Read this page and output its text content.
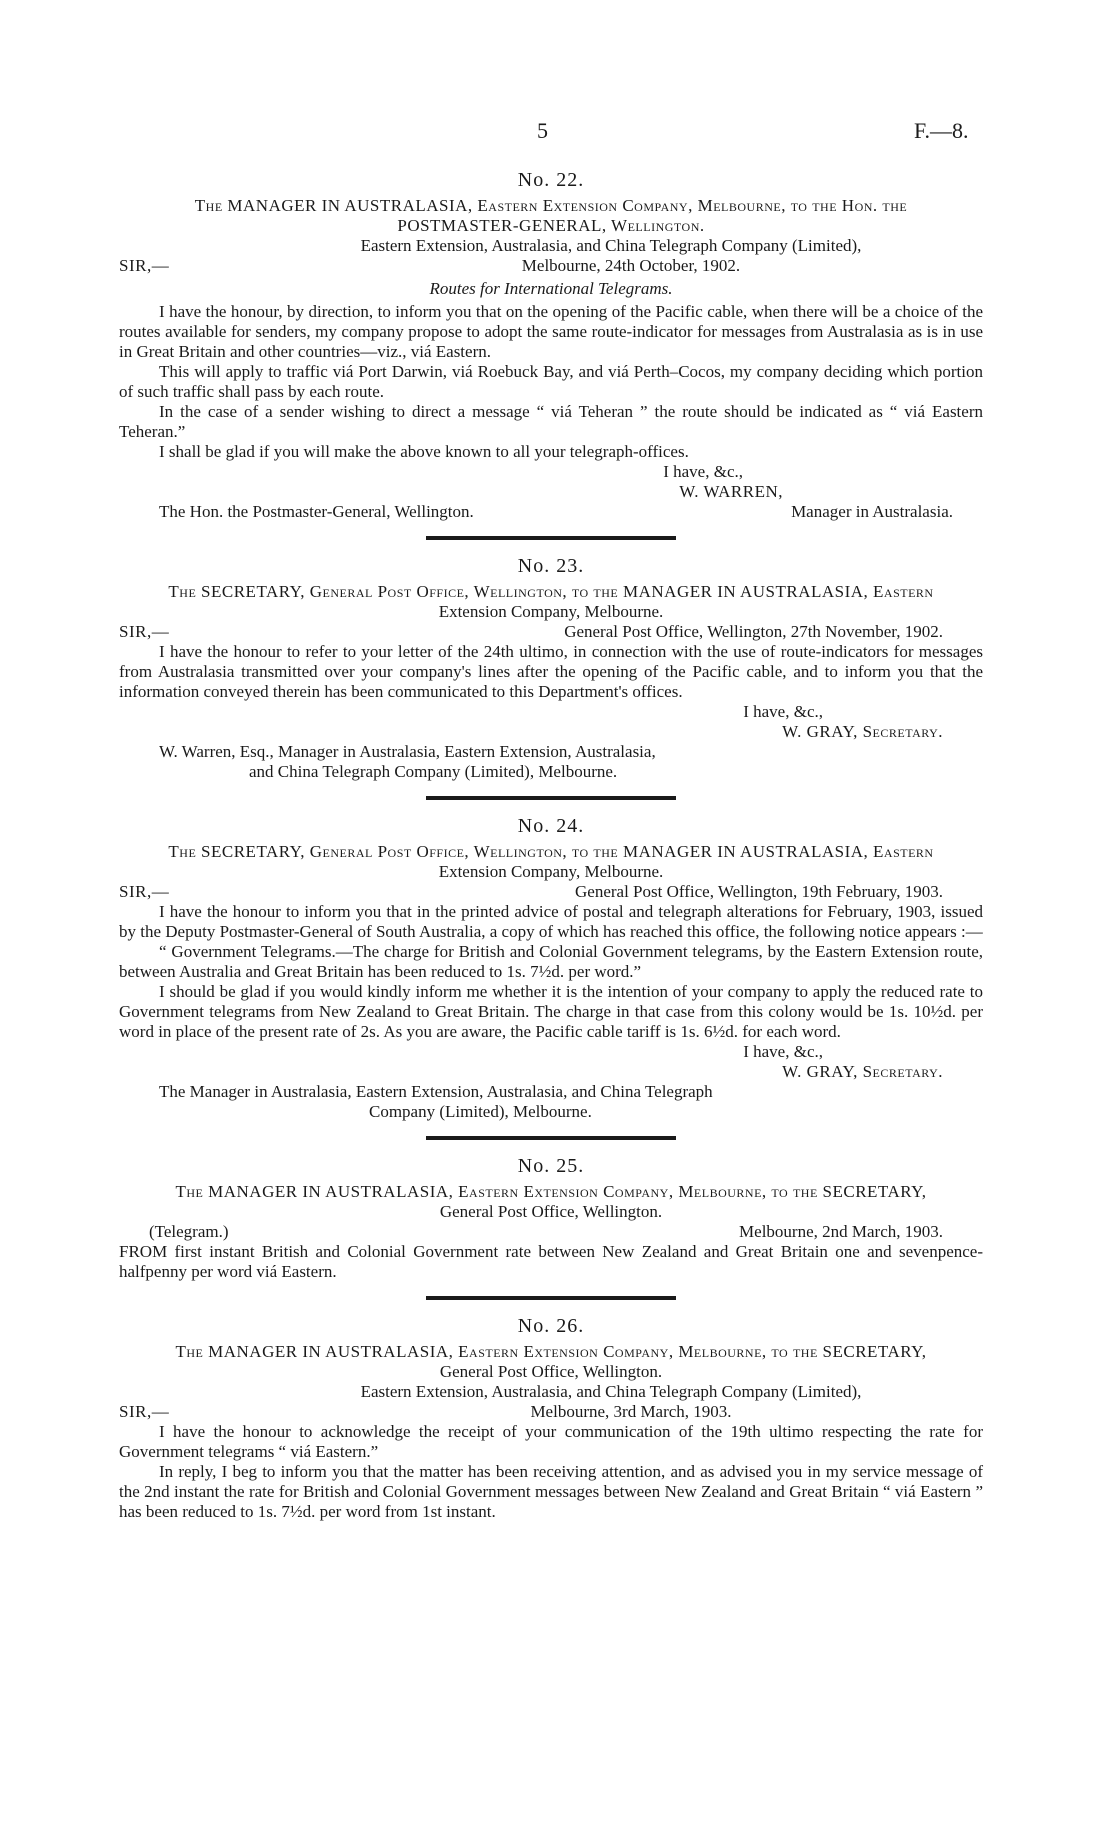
5	F.—8.
No. 22.
The MANAGER IN AUSTRALASIA, Eastern Extension Company, Melbourne, to the Hon. the
POSTMASTER-GENERAL, Wellington.
Eastern Extension, Australasia, and China Telegraph Company (Limited),
SIR,—	Melbourne, 24th October, 1902.
Routes for International Telegrams.

I have the honour, by direction, to inform you that on the opening of the Pacific cable, when there will be a choice of the routes available for senders, my company propose to adopt the same route-indicator for messages from Australasia as is in use in Great Britain and other countries—viz., viá Eastern.

This will apply to traffic viá Port Darwin, viá Roebuck Bay, and viá Perth–Cocos, my company deciding which portion of such traffic shall pass by each route.

In the case of a sender wishing to direct a message “ viá Teheran ” the route should be indicated as “ viá Eastern Teheran.”

I shall be glad if you will make the above known to all your telegraph-offices.

I have, &c.,
W. WARREN,
The Hon. the Postmaster-General, Wellington.	Manager in Australasia.
No. 23.
The SECRETARY, General Post Office, Wellington, to the MANAGER IN AUSTRALASIA, Eastern
Extension Company, Melbourne.
SIR,—	General Post Office, Wellington, 27th November, 1902.

I have the honour to refer to your letter of the 24th ultimo, in connection with the use of route-indicators for messages from Australasia transmitted over your company's lines after the opening of the Pacific cable, and to inform you that the information conveyed therein has been communicated to this Department's offices.

I have, &c.,
W. GRAY, Secretary.
W. Warren, Esq., Manager in Australasia, Eastern Extension, Australasia,
and China Telegraph Company (Limited), Melbourne.
No. 24.
The SECRETARY, General Post Office, Wellington, to the MANAGER IN AUSTRALASIA, Eastern
Extension Company, Melbourne.
SIR,—	General Post Office, Wellington, 19th February, 1903.

I have the honour to inform you that in the printed advice of postal and telegraph alterations for February, 1903, issued by the Deputy Postmaster-General of South Australia, a copy of which has reached this office, the following notice appears :—

“ Government Telegrams.—The charge for British and Colonial Government telegrams, by the Eastern Extension route, between Australia and Great Britain has been reduced to 1s. 7½d. per word.”

I should be glad if you would kindly inform me whether it is the intention of your company to apply the reduced rate to Government telegrams from New Zealand to Great Britain. The charge in that case from this colony would be 1s. 10½d. per word in place of the present rate of 2s. As you are aware, the Pacific cable tariff is 1s. 6½d. for each word.

I have, &c.,
W. GRAY, Secretary.
The Manager in Australasia, Eastern Extension, Australasia, and China Telegraph
Company (Limited), Melbourne.
No. 25.
The MANAGER IN AUSTRALASIA, Eastern Extension Company, Melbourne, to the SECRETARY,
General Post Office, Wellington.
(Telegram.)	Melbourne, 2nd March, 1903.

FROM first instant British and Colonial Government rate between New Zealand and Great Britain one and sevenpence-halfpenny per word viá Eastern.

No. 26.
The MANAGER IN AUSTRALASIA, Eastern Extension Company, Melbourne, to the SECRETARY,
General Post Office, Wellington.
Eastern Extension, Australasia, and China Telegraph Company (Limited),
SIR,—	Melbourne, 3rd March, 1903.

I have the honour to acknowledge the receipt of your communication of the 19th ultimo respecting the rate for Government telegrams “ viá Eastern.”

In reply, I beg to inform you that the matter has been receiving attention, and as advised you in my service message of the 2nd instant the rate for British and Colonial Government messages between New Zealand and Great Britain “ viá Eastern ” has been reduced to 1s. 7½d. per word from 1st instant.
